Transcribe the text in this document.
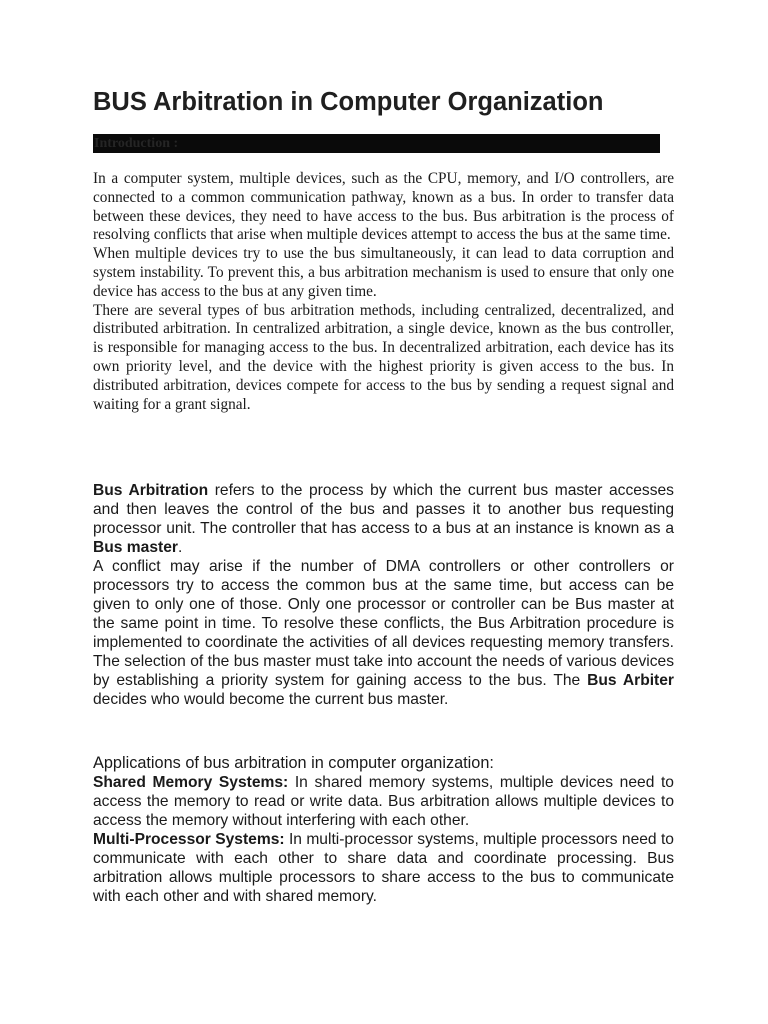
BUS Arbitration in Computer Organization
Introduction :

In a computer system, multiple devices, such as the CPU, memory, and I/O controllers, are connected to a common communication pathway, known as a bus. In order to transfer data between these devices, they need to have access to the bus. Bus arbitration is the process of resolving conflicts that arise when multiple devices attempt to access the bus at the same time.

When multiple devices try to use the bus simultaneously, it can lead to data corruption and system instability. To prevent this, a bus arbitration mechanism is used to ensure that only one device has access to the bus at any given time.

There are several types of bus arbitration methods, including centralized, decentralized, and distributed arbitration. In centralized arbitration, a single device, known as the bus controller, is responsible for managing access to the bus. In decentralized arbitration, each device has its own priority level, and the device with the highest priority is given access to the bus. In distributed arbitration, devices compete for access to the bus by sending a request signal and waiting for a grant signal.

Bus Arbitration refers to the process by which the current bus master accesses and then leaves the control of the bus and passes it to another bus requesting processor unit. The controller that has access to a bus at an instance is known as a Bus master.

A conflict may arise if the number of DMA controllers or other controllers or processors try to access the common bus at the same time, but access can be given to only one of those. Only one processor or controller can be Bus master at the same point in time. To resolve these conflicts, the Bus Arbitration procedure is implemented to coordinate the activities of all devices requesting memory transfers. The selection of the bus master must take into account the needs of various devices by establishing a priority system for gaining access to the bus. The Bus Arbiter decides who would become the current bus master.

Applications of bus arbitration in computer organization:

Shared Memory Systems: In shared memory systems, multiple devices need to access the memory to read or write data. Bus arbitration allows multiple devices to access the memory without interfering with each other.

Multi-Processor Systems: In multi-processor systems, multiple processors need to communicate with each other to share data and coordinate processing. Bus arbitration allows multiple processors to share access to the bus to communicate with each other and with shared memory.
